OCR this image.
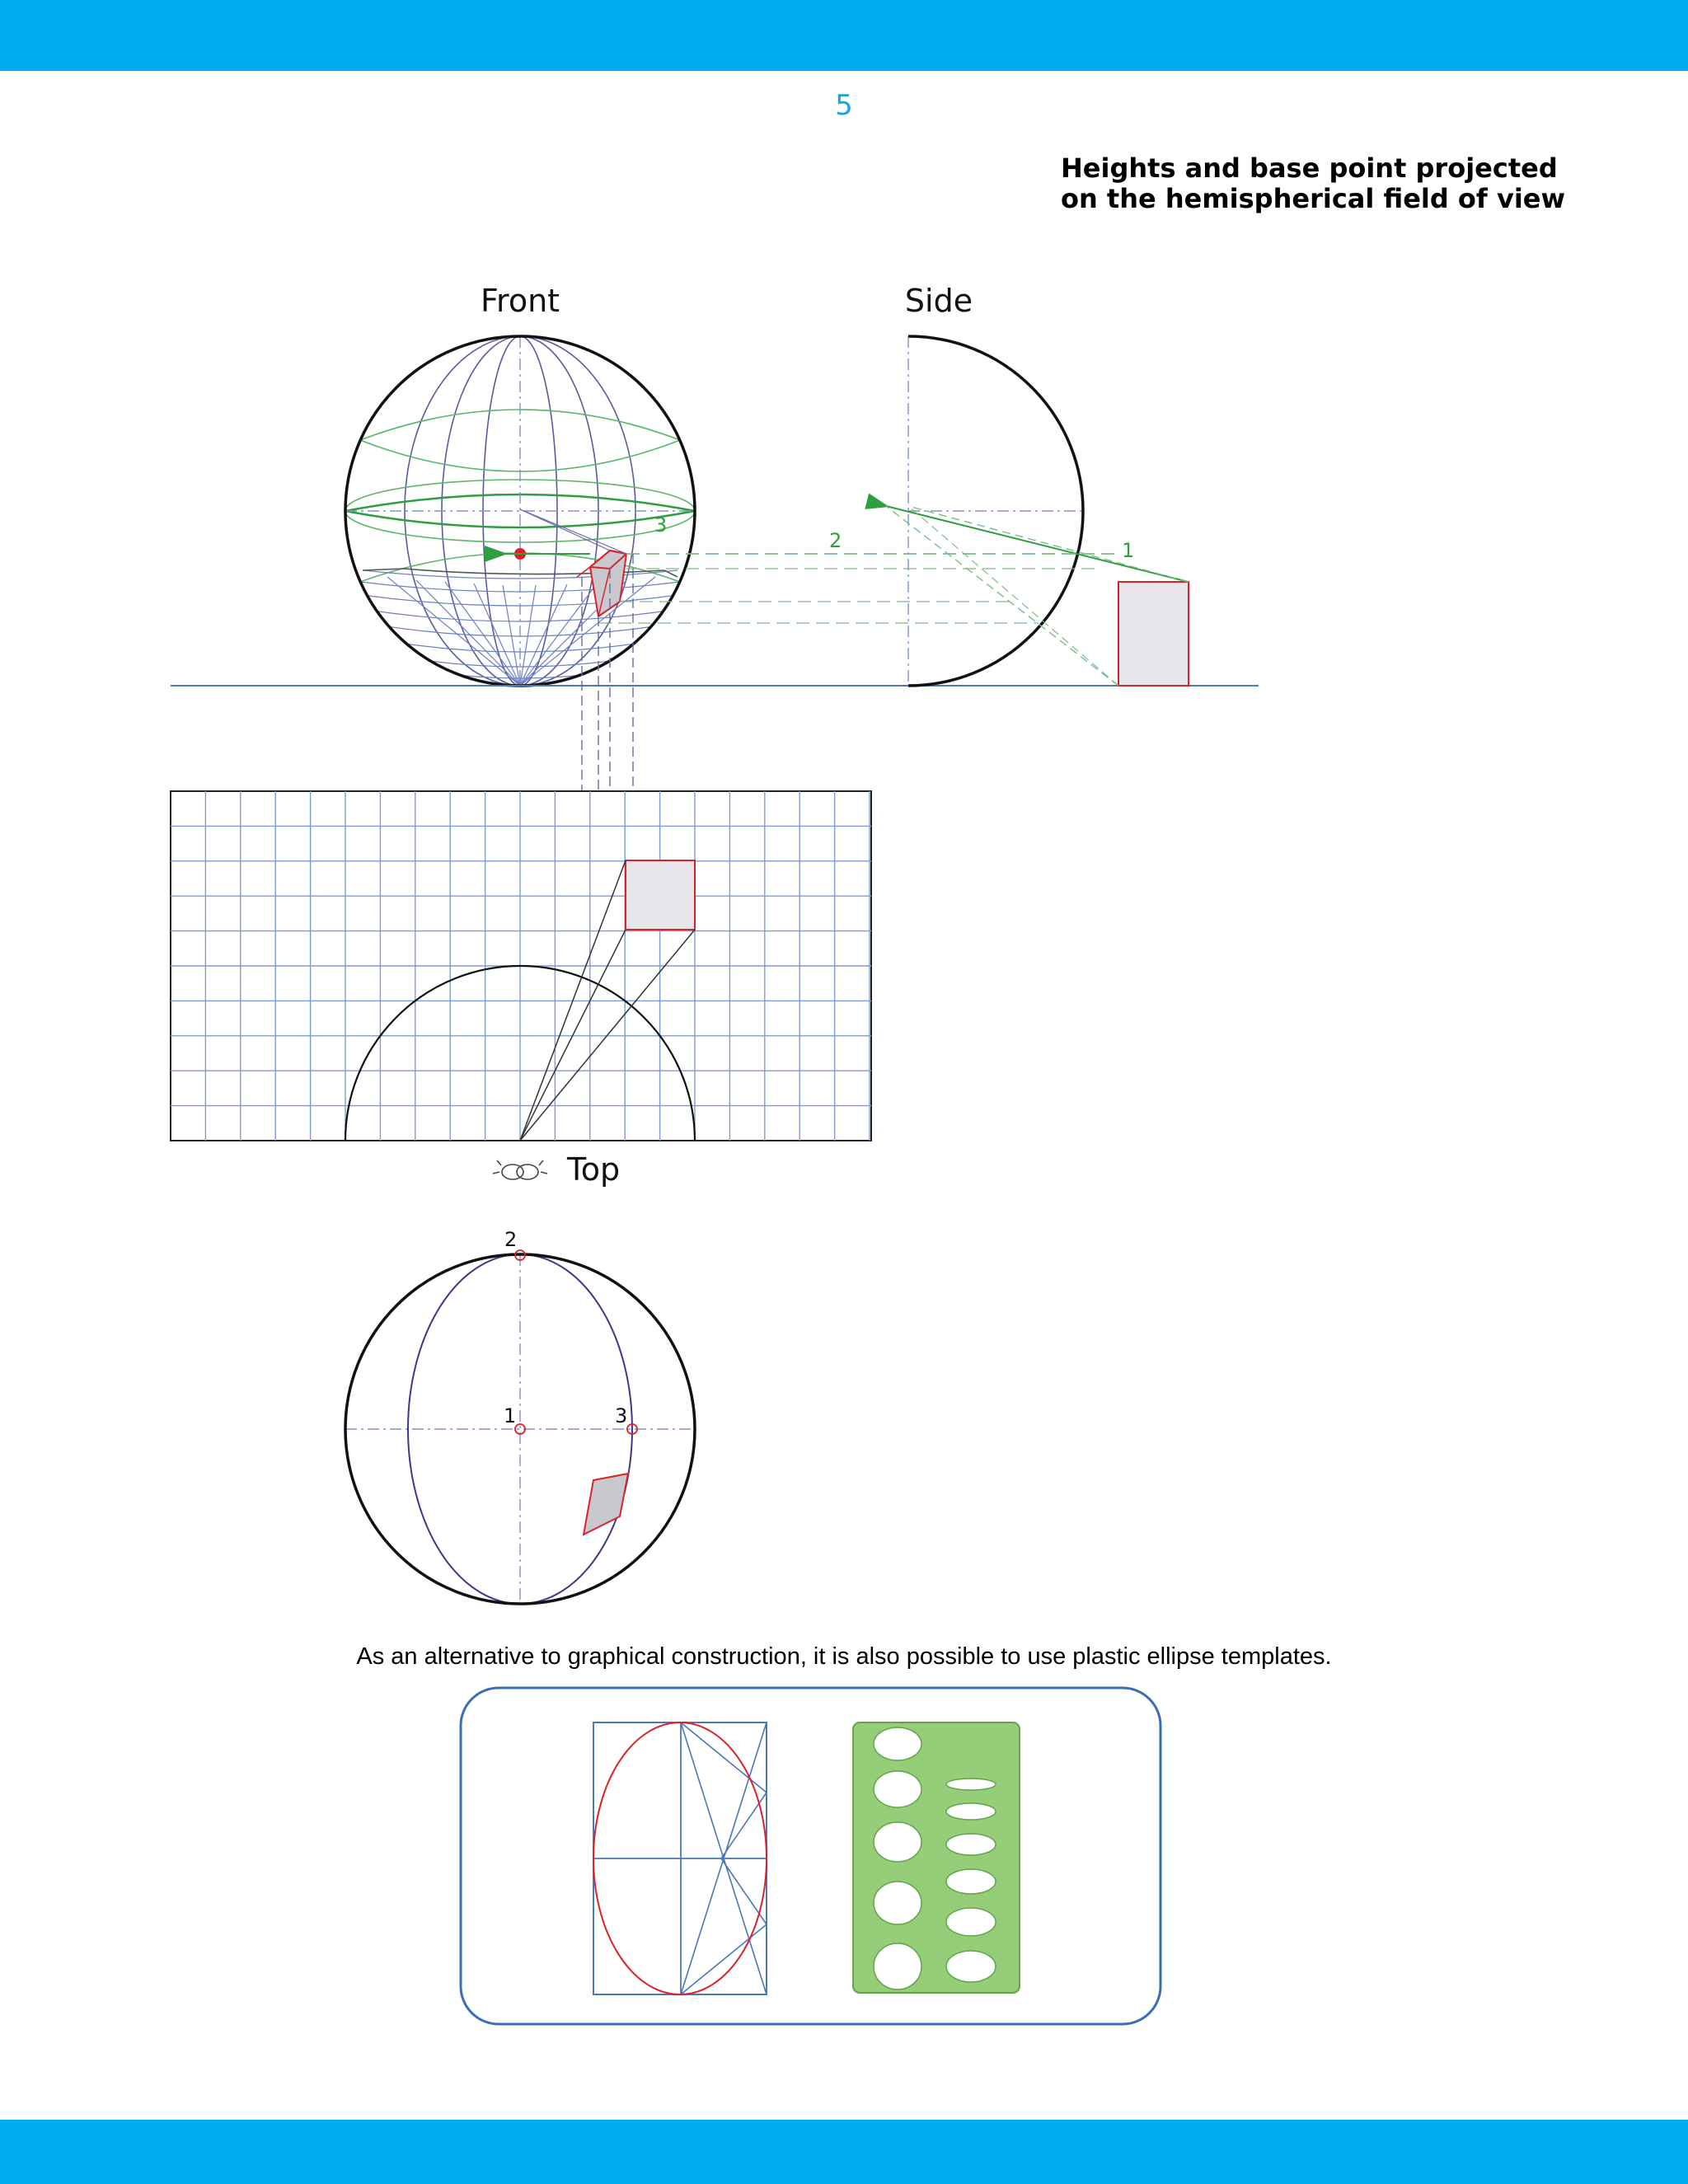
5
Heights and base point projected
on the hemispherical field of view
Front	Side
1
2
3
Top
2
1	3
As an alternative to graphical construction, it is also possible to use plastic ellipse templates.
